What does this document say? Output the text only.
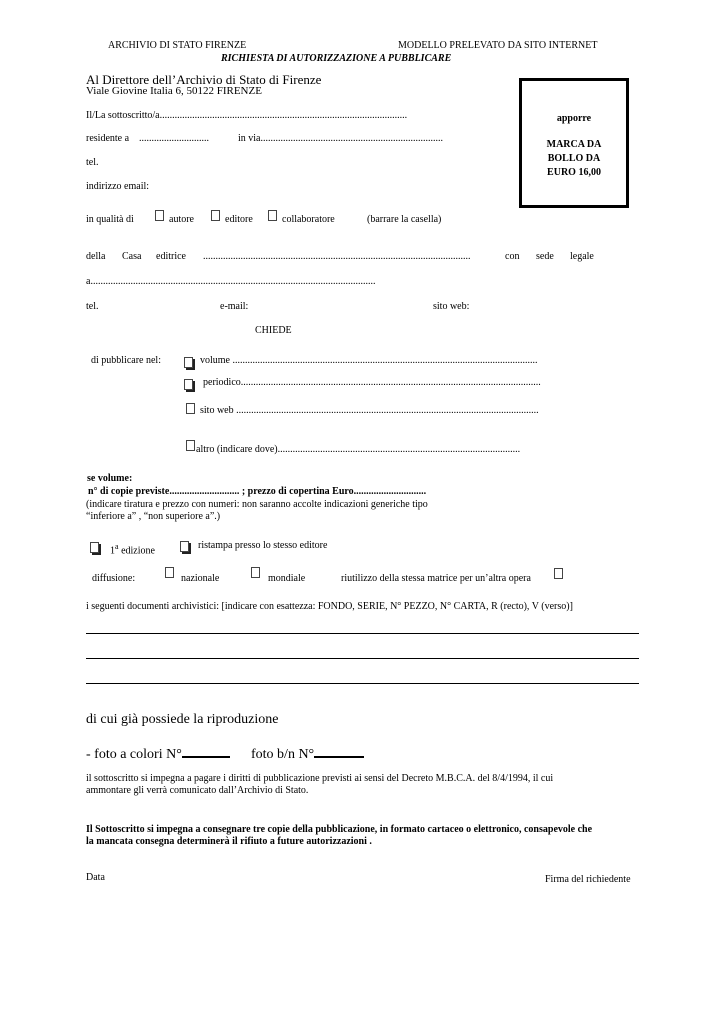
ARCHIVIO DI STATO FIRENZE	MODELLO PRELEVATO DA SITO INTERNET
RICHIESTA DI AUTORIZZAZIONE A PUBBLICARE
Al Direttore dell’Archivio di Stato di Firenze
Viale Giovine Italia 6, 50122 FIRENZE
apporre
MARCA DA
BOLLO DA
EURO 16,00
Il/La sottoscritto/a...................................................................................................
residente a ............................	in via.........................................................................
tel.
indirizzo email:
in qualità di	autore	editore	collaboratore	(barrare la casella)
della Casa editrice ...........................................................................................................	con sede legale
a..................................................................................................................
tel.	e-mail:	sito web:
CHIEDE
di pubblicare nel:	volume ..........................................................................................................................
periodico........................................................................................................................
sito web .........................................................................................................................
altro (indicare dove).................................................................................................
se volume:
n° di copie previste............................ ; prezzo di copertina Euro.............................
(indicare tiratura e prezzo con numeri: non saranno accolte indicazioni generiche tipo
“inferiore a” , “non superiore a”.)
1$^a$ edizione	ristampa presso lo stesso editore
diffusione:	nazionale	mondiale	riutilizzo della stessa matrice per un’altra opera
i seguenti documenti archivistici: [indicare con esattezza: FONDO, SERIE, N° PEZZO, N° CARTA, R (recto), V (verso)]
di cui già possiede la riproduzione
- foto a colori N°	foto b/n N°
il sottoscritto si impegna a pagare i diritti di pubblicazione previsti ai sensi del Decreto M.B.C.A. del 8/4/1994, il cui
ammontare gli verrà comunicato dall’Archivio di Stato.
Il Sottoscritto si impegna a consegnare tre copie della pubblicazione, in formato cartaceo o elettronico, consapevole che
la mancata consegna determinerà il rifiuto a future autorizzazioni .
Data	Firma del richiedente
